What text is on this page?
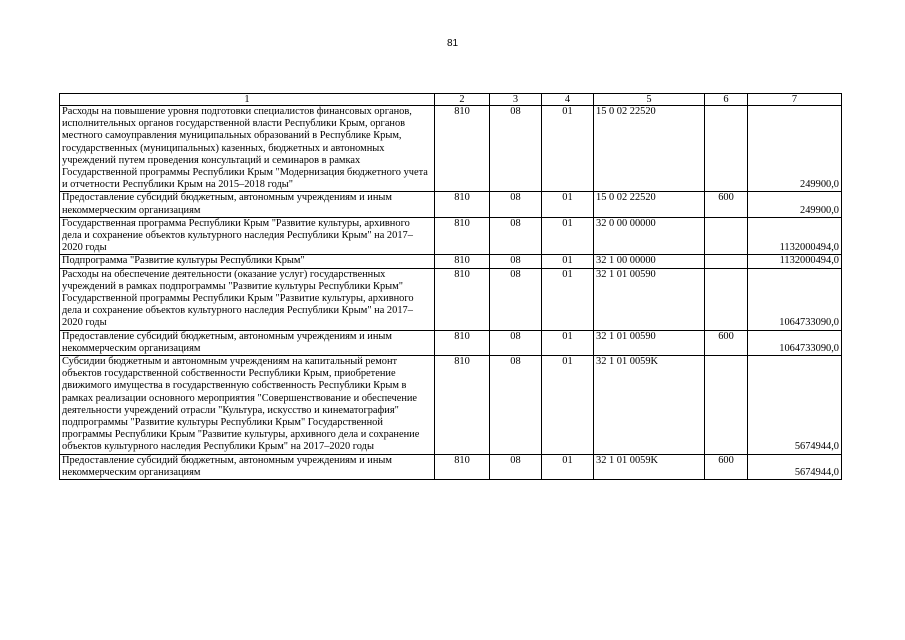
81
1	2	3	4	5	6	7
Расходы на повышение уровня подготовки специалистов финансовых органов, исполнительных органов государственной власти Республики Крым, органов местного самоуправления муниципальных образований в Республике Крым, государственных (муниципальных) казенных, бюджетных и автономных учреждений путем проведения консультаций и семинаров в рамках Государственной программы Республики Крым "Модернизация бюджетного учета и отчетности Республики Крым на 2015–2018 годы"	810	08	01	15 0 02 22520		249900,0
Предоставление субсидий бюджетным, автономным учреждениям и иным некоммерческим организациям	810	08	01	15 0 02 22520	600	249900,0
Государственная программа Республики Крым "Развитие культуры, архивного дела и сохранение объектов культурного наследия Республики Крым" на 2017–2020 годы	810	08	01	32 0 00 00000		1132000494,0
Подпрограмма "Развитие культуры Республики Крым"	810	08	01	32 1 00 00000		1132000494,0
Расходы на обеспечение деятельности (оказание услуг) государственных учреждений в рамках подпрограммы "Развитие культуры Республики Крым" Государственной программы Республики Крым "Развитие культуры, архивного дела и сохранение объектов культурного наследия Республики Крым" на 2017–2020 годы	810	08	01	32 1 01 00590		1064733090,0
Предоставление субсидий бюджетным, автономным учреждениям и иным некоммерческим организациям	810	08	01	32 1 01 00590	600	1064733090,0
Субсидии бюджетным и автономным учреждениям на капитальный ремонт объектов государственной собственности Республики Крым, приобретение движимого имущества в государственную собственность Республики Крым в рамках реализации основного мероприятия "Совершенствование и обеспечение деятельности учреждений отрасли "Культура, искусство и кинематография" подпрограммы "Развитие культуры Республики Крым" Государственной программы Республики Крым "Развитие культуры, архивного дела и сохранение объектов культурного наследия Республики Крым" на 2017–2020 годы	810	08	01	32 1 01 0059K		5674944,0
Предоставление субсидий бюджетным, автономным учреждениям и иным некоммерческим организациям	810	08	01	32 1 01 0059K	600	5674944,0
